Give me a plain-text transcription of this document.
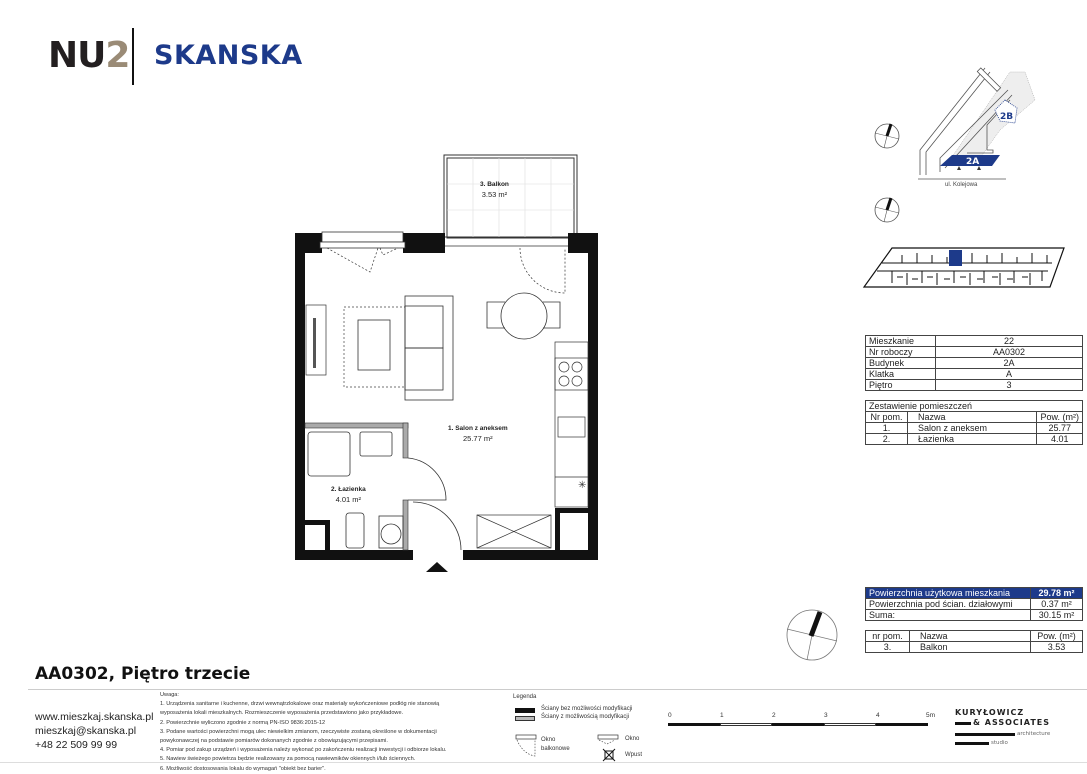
NU2 SKANSKA
✳
3. Balkon
3.53 m²
1. Salon z aneksem
25.77 m²
2. Łazienka
4.01 m²
2A
2B
ul. Kolejowa
Mieszkanie	22
Nr roboczy	AA0302
Budynek	2A
Klatka	A
Piętro	3
Zestawienie pomieszczeń		
Nr pom.	Nazwa	Pow. (m²)
1.	Salon z aneksem	25.77
2.	Łazienka	4.01
Powierzchnia użytkowa mieszkania	29.78 m²
Powierzchnia pod ścian. działowymi	0.37 m²
Suma:	30.15 m²
nr pom.	Nazwa	Pow. (m²)
3.	Balkon	3.53
AA0302, Piętro trzecie
www.mieszkaj.skanska.pl
mieszkaj@skanska.pl
+48 22 509 99 99
Uwaga:
1. Urządzenia sanitarne i kuchenne, drzwi wewnątrzlokalowe oraz materiały wykończeniowe podłóg nie stanowią
wyposażenia lokali mieszkalnych. Rozmieszczenie wyposażenia przedstawiono jako przykładowe.
2. Powierzchnie wyliczono zgodnie z normą PN-ISO 9836:2015-12
3. Podane wartości powierzchni mogą ulec niewielkim zmianom, rzeczywiste zostaną określone w dokumentacji
powykonawczej na podstawie pomiarów dokonanych zgodnie z obowiązującymi przepisami.
4. Pomiar pod zakup urządzeń i wyposażenia należy wykonać po zakończeniu realizacji inwestycji i odbiorze lokalu.
5. Nawiew świeżego powietrza będzie realizowany za pomocą nawiewników okiennych i/lub ściennych.
6. Możliwość dostosowania lokalu do wymagań "obiekt bez barier".
Legenda
Ściany bez możliwości modyfikacji
Ściany z możliwością modyfikacji
Okno balkonowe
Okno
Wpust
0	1	2	3	4	5m KURYŁOWICZ
& ASSOCIATES
architecture
studio
